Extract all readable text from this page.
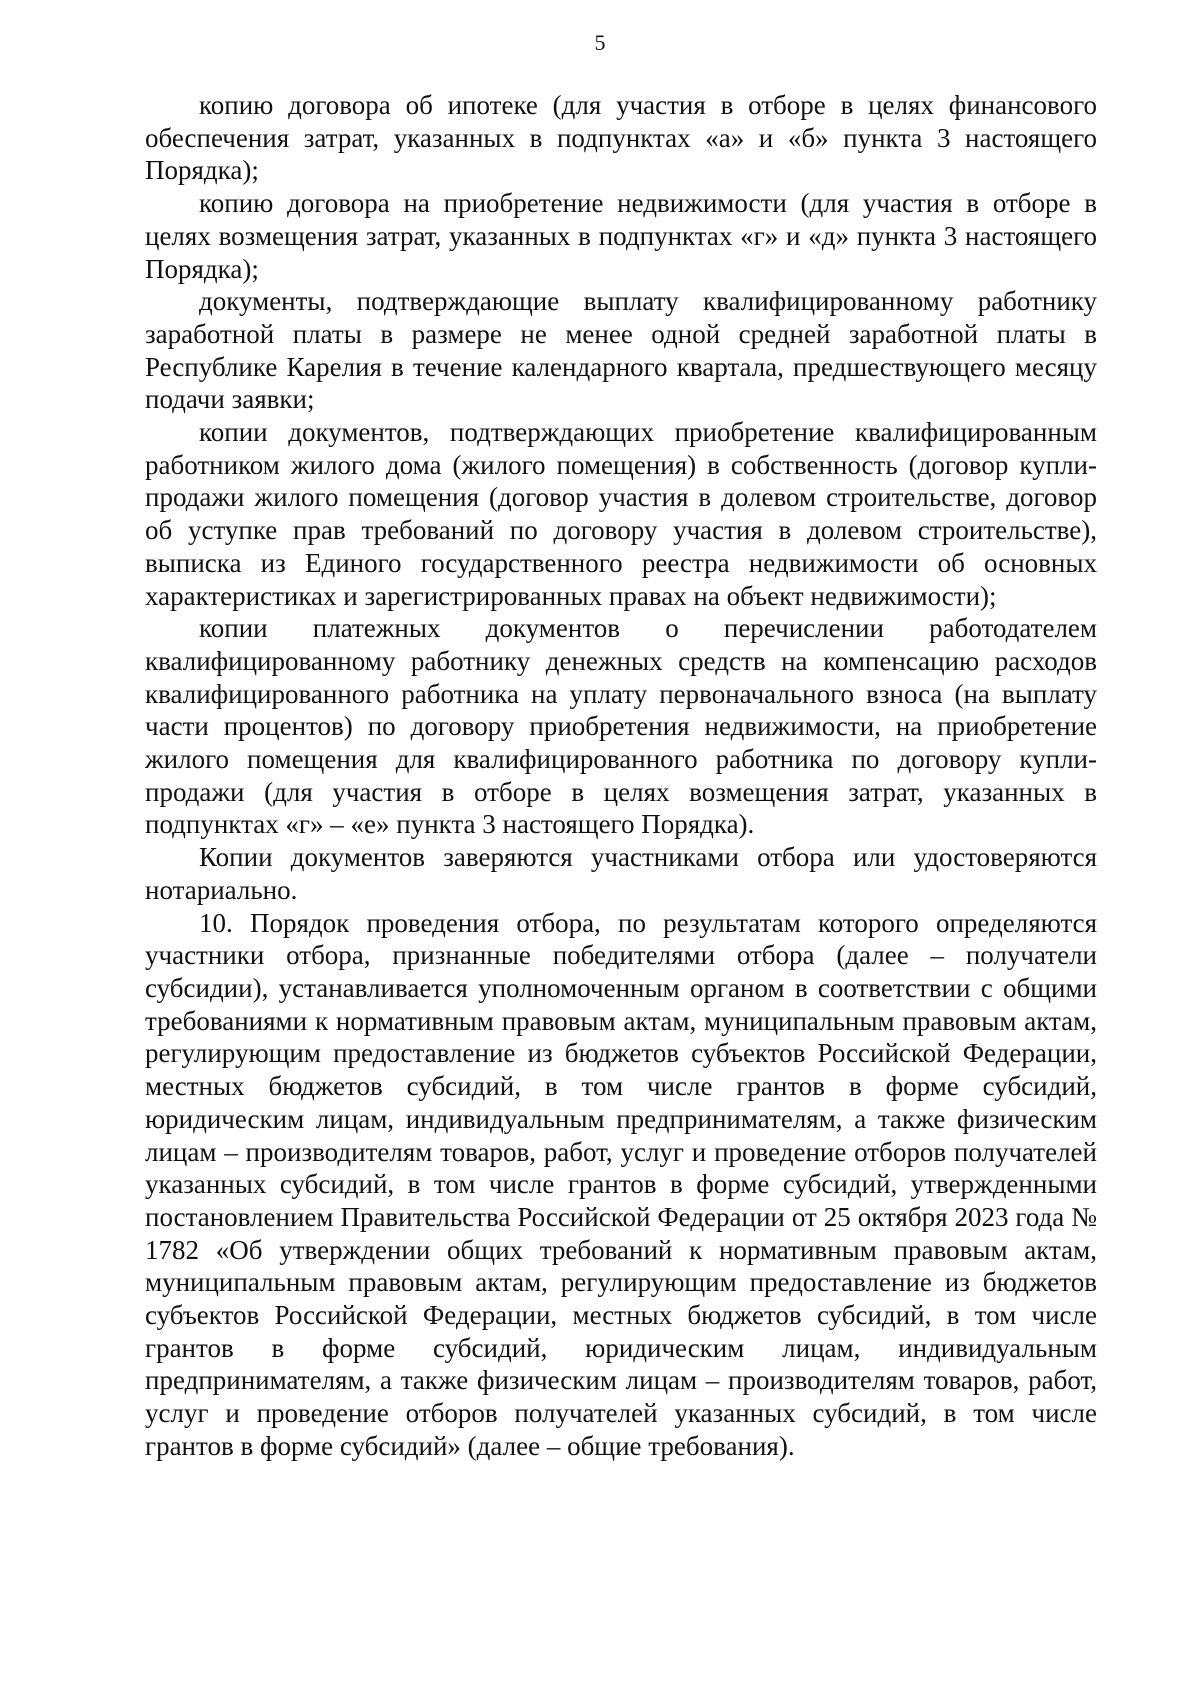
5

копию договора об ипотеке (для участия в отборе в целях финансового обеспечения затрат, указанных в подпунктах «а» и «б» пункта 3 настоящего Порядка);

копию договора на приобретение недвижимости (для участия в отборе в целях возмещения затрат, указанных в подпунктах «г» и «д» пункта 3 настоящего Порядка);

документы, подтверждающие выплату квалифицированному работнику заработной платы в размере не менее одной средней заработной платы в Республике Карелия в течение календарного квартала, предшествующего месяцу подачи заявки;

копии документов, подтверждающих приобретение квалифицированным работником жилого дома (жилого помещения) в собственность (договор купли-продажи жилого помещения (договор участия в долевом строительстве, договор об уступке прав требований по договору участия в долевом строительстве), выписка из Единого государственного реестра недвижимости об основных характеристиках и зарегистрированных правах на объект недвижимости);

копии платежных документов о перечислении работодателем квалифицированному работнику денежных средств на компенсацию расходов квалифицированного работника на уплату первоначального взноса (на выплату части процентов) по договору приобретения недвижимости, на приобретение жилого помещения для квалифицированного работника по договору купли-продажи (для участия в отборе в целях возмещения затрат, указанных в подпунктах «г» – «е» пункта 3 настоящего Порядка).

Копии документов заверяются участниками отбора или удостоверяются нотариально.

10. Порядок проведения отбора, по результатам которого определяются участники отбора, признанные победителями отбора (далее – получатели субсидии), устанавливается уполномоченным органом в соответствии с общими требованиями к нормативным правовым актам, муниципальным правовым актам, регулирующим предоставление из бюджетов субъектов Российской Федерации, местных бюджетов субсидий, в том числе грантов в форме субсидий, юридическим лицам, индивидуальным предпринимателям, а также физическим лицам – производителям товаров, работ, услуг и проведение отборов получателей указанных субсидий, в том числе грантов в форме субсидий, утвержденными постановлением Правительства Российской Федерации от 25 октября 2023 года № 1782 «Об утверждении общих требований к нормативным правовым актам, муниципальным правовым актам, регулирующим предоставление из бюджетов субъектов Российской Федерации, местных бюджетов субсидий, в том числе грантов в форме субсидий, юридическим лицам, индивидуальным предпринимателям, а также физическим лицам – производителям товаров, работ, услуг и проведение отборов получателей указанных субсидий, в том числе грантов в форме субсидий» (далее – общие требования).
